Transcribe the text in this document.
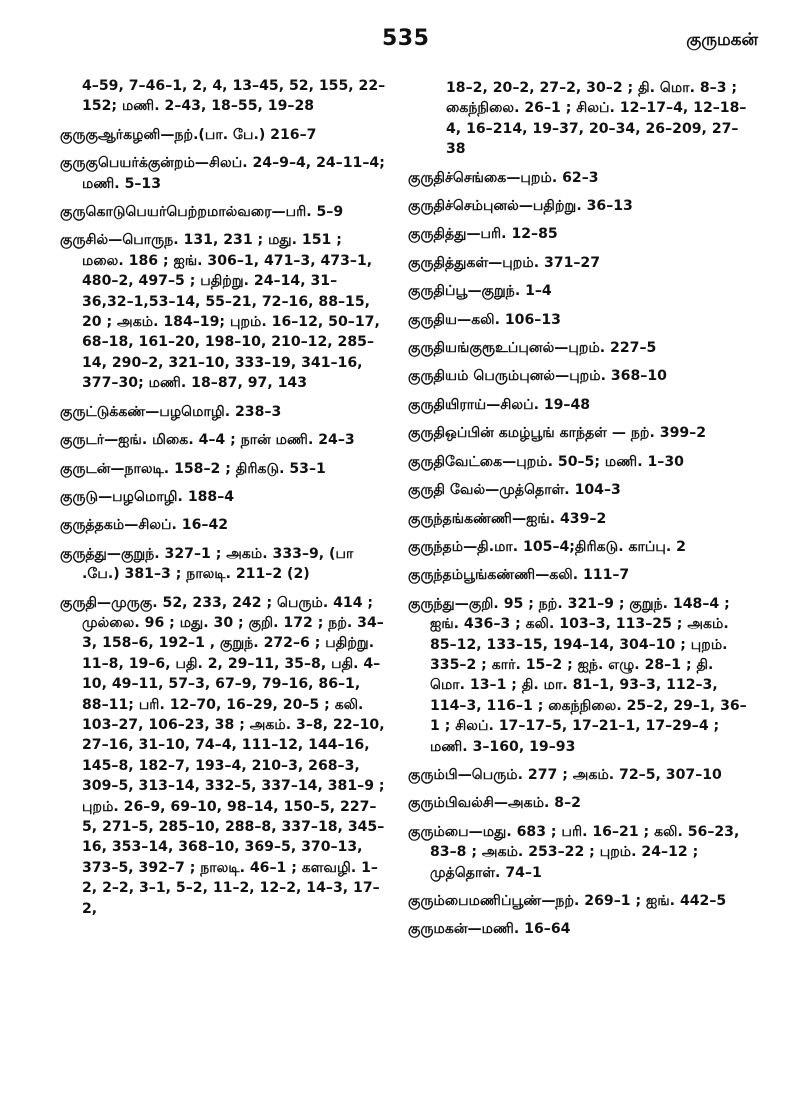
535	குருமகன்
4–59, 7–46–1, 2, 4, 13–45, 52, 155, 22–152; மணி. 2–43, 18–55, 19–28
குருகுஆர்கழனி—நற்.(பா. பே.) 216–7
குருகுபெயர்க்குன்றம்—சிலப். 24–9–4, 24–11–4; மணி. 5–13
குருகொடுபெயர்பெற்றமால்வரை—பரி. 5–9
குருசில்—பொருந. 131, 231 ; மது. 151 ; மலை. 186 ; ஐங். 306–1, 471–3, 473–1, 480–2, 497–5 ; பதிற்று. 24–14, 31–36,32–1,53–14, 55–21, 72–16, 88–15, 20 ; அகம். 184–19; புறம். 16–12, 50–17, 68–18, 161–20, 198–10, 210–12, 285–14, 290–2, 321–10, 333–19, 341–16, 377–30; மணி. 18–87, 97, 143
குருட்டுக்கண்—பழமொழி. 238–3
குருடர்—ஐங். மிகை. 4–4 ; நான் மணி. 24–3
குருடன்—நாலடி. 158–2 ; திரிகடு. 53–1
குருடு—பழமொழி. 188–4
குருத்தகம்—சிலப். 16–42
குருத்து—குறுந். 327–1 ; அகம். 333–9, (பா .பே.) 381–3 ; நாலடி. 211–2 (2)
குருதி—முருகு. 52, 233, 242 ; பெரும். 414 ; முல்லை. 96 ; மது. 30 ; குறி. 172 ; நற். 34–3, 158–6, 192–1 , குறுந். 272–6 ; பதிற்று. 11–8, 19–6, பதி. 2, 29–11, 35–8, பதி. 4–10, 49–11, 57–3, 67–9, 79–16, 86–1, 88–11; பரி. 12–70, 16–29, 20–5 ; கலி. 103–27, 106–23, 38 ; அகம். 3–8, 22–10, 27–16, 31–10, 74–4, 111–12, 144–16, 145–8, 182–7, 193–4, 210–3, 268–3, 309–5, 313–14, 332–5, 337–14, 381–9 ; புறம். 26–9, 69–10, 98–14, 150–5, 227–5, 271–5, 285–10, 288–8, 337–18, 345–16, 353–14, 368–10, 369–5, 370–13, 373–5, 392–7 ; நாலடி. 46–1 ; களவழி. 1–2, 2–2, 3–1, 5–2, 11–2, 12–2, 14–3, 17–2,
18–2, 20–2, 27–2, 30–2 ; தி. மொ. 8–3 ; கைந்நிலை. 26–1 ; சிலப். 12–17–4, 12–18–4, 16–214, 19–37, 20–34, 26–209, 27–38
குருதிச்செங்கை—புறம். 62–3
குருதிச்செம்புனல்—பதிற்று. 36–13
குருதித்து—பரி. 12–85
குருதித்துகள்—புறம். 371–27
குருதிப்பூ—குறுந். 1–4
குருதிய—கலி. 106–13
குருதியங்குரூஉப்புனல்—புறம். 227–5
குருதியம் பெரும்புனல்—புறம். 368–10
குருதியிராய்—சிலப். 19–48
குருதிஒப்பின் கமழ்பூங் காந்தள் — நற். 399–2
குருதிவேட்கை—புறம். 50–5; மணி. 1–30
குருதி வேல்—முத்தொள். 104–3
குருந்தங்கண்ணி—ஐங். 439–2
குருந்தம்—தி.மா. 105–4;திரிகடு. காப்பு. 2
குருந்தம்பூங்கண்ணி—கலி. 111–7
குருந்து—குறி. 95 ; நற். 321–9 ; குறுந். 148–4 ; ஐங். 436–3 ; கலி. 103–3, 113–25 ; அகம். 85–12, 133–15, 194–14, 304–10 ; புறம். 335–2 ; கார். 15–2 ; ஐந். எழு. 28–1 ; தி. மொ. 13–1 ; தி. மா. 81–1, 93–3, 112–3, 114–3, 116–1 ; கைந்நிலை. 25–2, 29–1, 36–1 ; சிலப். 17–17–5, 17–21–1, 17–29–4 ; மணி. 3–160, 19–93
குரும்பி—பெரும். 277 ; அகம். 72–5, 307–10
குரும்பிவல்சி—அகம். 8–2
குரும்பை—மது. 683 ; பரி. 16–21 ; கலி. 56–23, 83–8 ; அகம். 253–22 ; புறம். 24–12 ; முத்தொள். 74–1
குரும்பைமணிப்பூண்—நற். 269–1 ; ஐங். 442–5
குருமகன்—மணி. 16–64
